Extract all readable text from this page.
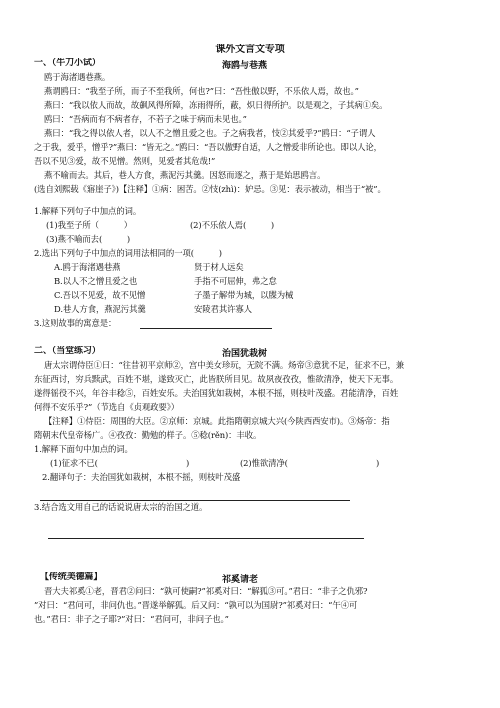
课外文言文专项
一、（牛刀小试）	海鸥与巷燕
鸥于海渚遇巷燕。
燕谓鸥曰：“我至子所，而子不至我所，何也?”曰：“吾性傲以野，不乐依人焉，故也。”
燕曰：“我以依人而故，故飙风得所障，冻雨得所，蔽，炽日得所护。以是观之，子其病①矣。
鸥曰：“吾病而有不病者存，不若子之味于病而未见也。”
燕曰：“我之得以依人者，以人不之憎且爱之也。子之病我者，忮②其爱乎?”鸥曰：“子谓人
之于我，爱乎，憎乎?”燕曰：“皆无之。”鸥曰：“吾以傲野自适，人之憎爱非所论也。即以人论，
吾以不见③爱，故不见憎。然则，见爱者其危哉!”
燕不喻而去。其后，巷人方食，燕泥污其羹。因怒而逐之，燕于是始思鸥言。
(选自刘熙载《寤崖子》)【注释】①病：困苦。②忮(zhì)：妒忌。③见：表示被动，相当于“被”。
1.解释下列句子中加点的词。
(1)我至子所（　　　）	(2)不乐依人焉(　　　)
(3)燕不喻而去(　　　)
2.选出下列句子中加点的词用法相同的一项(　　　)
A.鸥于海渚遇巷燕	贤于材人远矣
B.以人不之憎且爱之也	手指不可屈伸，弗之怠
C.吾以不见爱，故不见憎	子墨子解带为城，以牒为械
D.巷人方食，燕泥污其羹	安陵君其许寡人
3.这则故事的寓意是：
二、（当堂练习）	治国犹栽树
唐太宗谓侍臣①曰：“往昔初平京师②，宫中美女珍玩，无院不满。炀帝③意犹不足，征求不已，兼
东征西讨，穷兵黩武，百姓不堪，遂致灭亡，此皆朕所目见。故夙夜孜孜，惟欲清净，使天下无事。
遂得徭役不兴，年谷丰稔⑤，百姓安乐。夫治国犹如栽树，本根不摇，则枝叶茂盛。君能清净，百姓
何得不安乐乎?”（节选自《贞观政要》）
【注释】①侍臣：周围的大臣。②京师：京城。此指隋朝京城大兴(今陕西西安市)。③炀帝：指
隋朝末代皇帝杨广。④孜孜：勤勉的样子。⑤稔(rěn)：丰收。
1.解释下面句中加点的词。
(1)征求不已(	)	(2)惟欲清净(	)
2.翻译句子：夫治国犹如栽树，本根不摇，则枝叶茂盛
3.结合选文用自己的话说说唐太宗的治国之道。
【传统美德篇】	祁奚请老
晋大夫祁奚①老，晋君②问曰：“孰可使嗣?”祁奚对曰：“解狐③可。”君曰：“非子之仇邪?
”对曰：“君问可，非问仇也。”晋遂举解狐。后又问：“孰可以为国尉?”祁奚对曰：“午④可
也。”君曰：非子之子耶?”对曰：“君问可，非问子也。”
